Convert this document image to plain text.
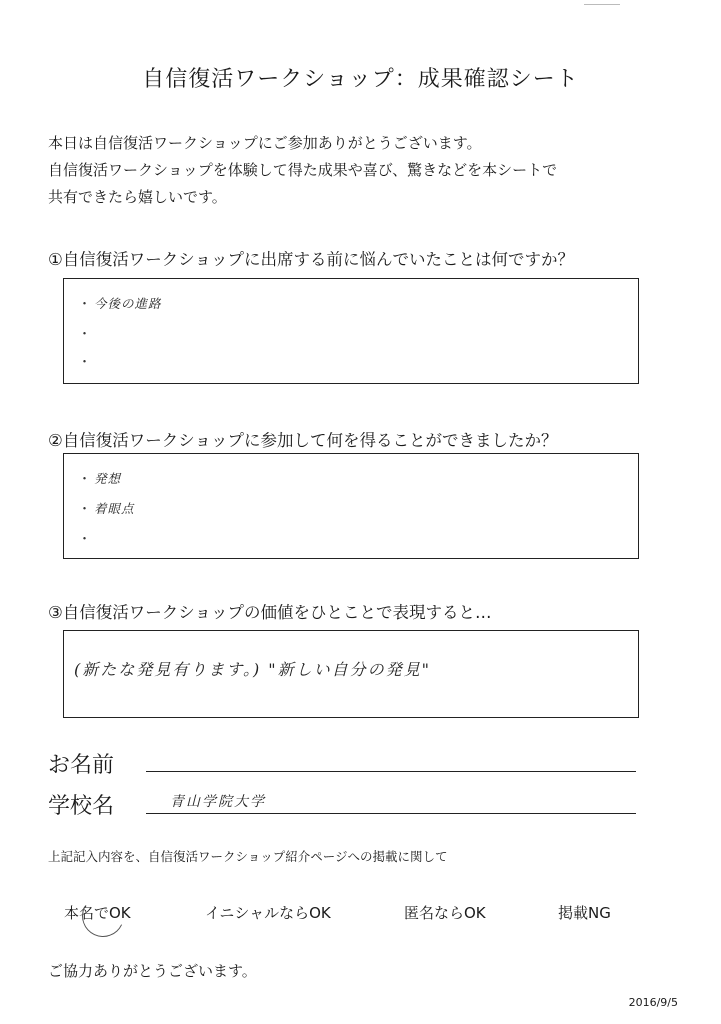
自信復活ワークショップ：成果確認シート
本日は自信復活ワークショップにご参加ありがとうございます。
自信復活ワークショップを体験して得た成果や喜び、驚きなどを本シートで
共有できたら嬉しいです。
①自信復活ワークショップに出席する前に悩んでいたことは何ですか？
・ 今後の進路
・
・
②自信復活ワークショップに参加して何を得ることができましたか？
・ 発想
・ 着眼点
・
③自信復活ワークショップの価値をひとことで表現すると…
(新たな発見有ります。) "新しい自分の発見"
お名前
学校名	青山学院大学
上記記入内容を、自信復活ワークショップ紹介ページへの掲載に関して
本名でOK	イニシャルならOK	匿名ならOK	掲載NG
ご協力ありがとうございます。
2016/9/5
